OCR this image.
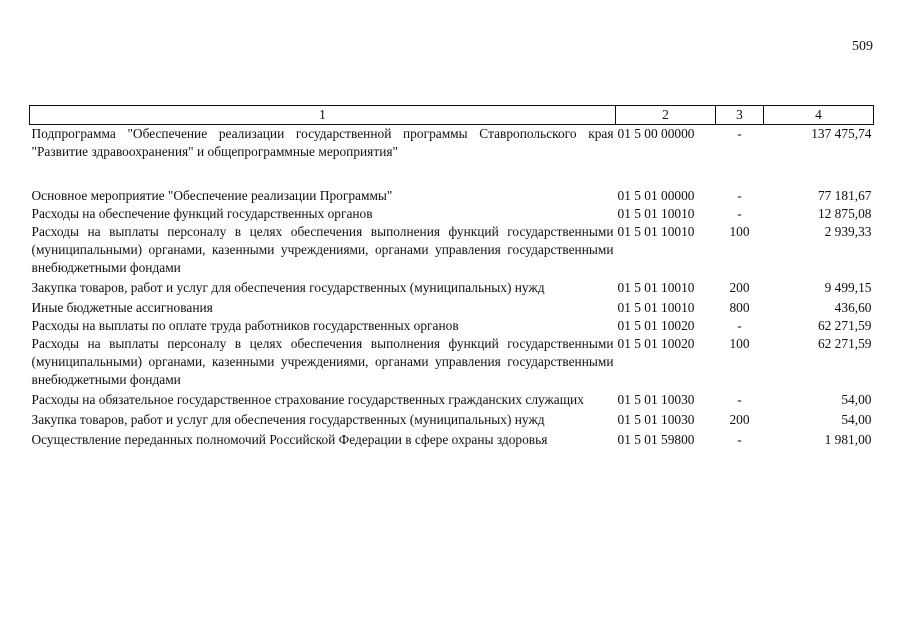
509
1	2	3	4
Подпрограмма "Обеспечение реализации государственной программы Ставропольского края "Развитие здравоохранения" и общепрограммные мероприятия"	01 5 00 00000	-	137 475,74

Основное мероприятие "Обеспечение реализации Программы"	01 5 01 00000	-	77 181,67
Расходы на обеспечение функций государственных органов	01 5 01 10010	-	12 875,08
Расходы на выплаты персоналу в целях обеспечения выполнения функций государственными (муниципальными) органами, казенными учреждениями, органами управления государственными внебюджетными фондами	01 5 01 10010	100	2 939,33

Закупка товаров, работ и услуг для обеспечения государственных (муниципальных) нужд	01 5 01 10010	200	9 499,15

Иные бюджетные ассигнования	01 5 01 10010	800	436,60
Расходы на выплаты по оплате труда работников государственных органов	01 5 01 10020	-	62 271,59
Расходы на выплаты персоналу в целях обеспечения выполнения функций государственными (муниципальными) органами, казенными учреждениями, органами управления государственными внебюджетными фондами	01 5 01 10020	100	62 271,59

Расходы на обязательное государственное страхование государственных гражданских служащих	01 5 01 10030	-	54,00

Закупка товаров, работ и услуг для обеспечения государственных (муниципальных) нужд	01 5 01 10030	200	54,00

Осуществление переданных полномочий Российской Федерации в сфере охраны здоровья	01 5 01 59800	-	1 981,00
